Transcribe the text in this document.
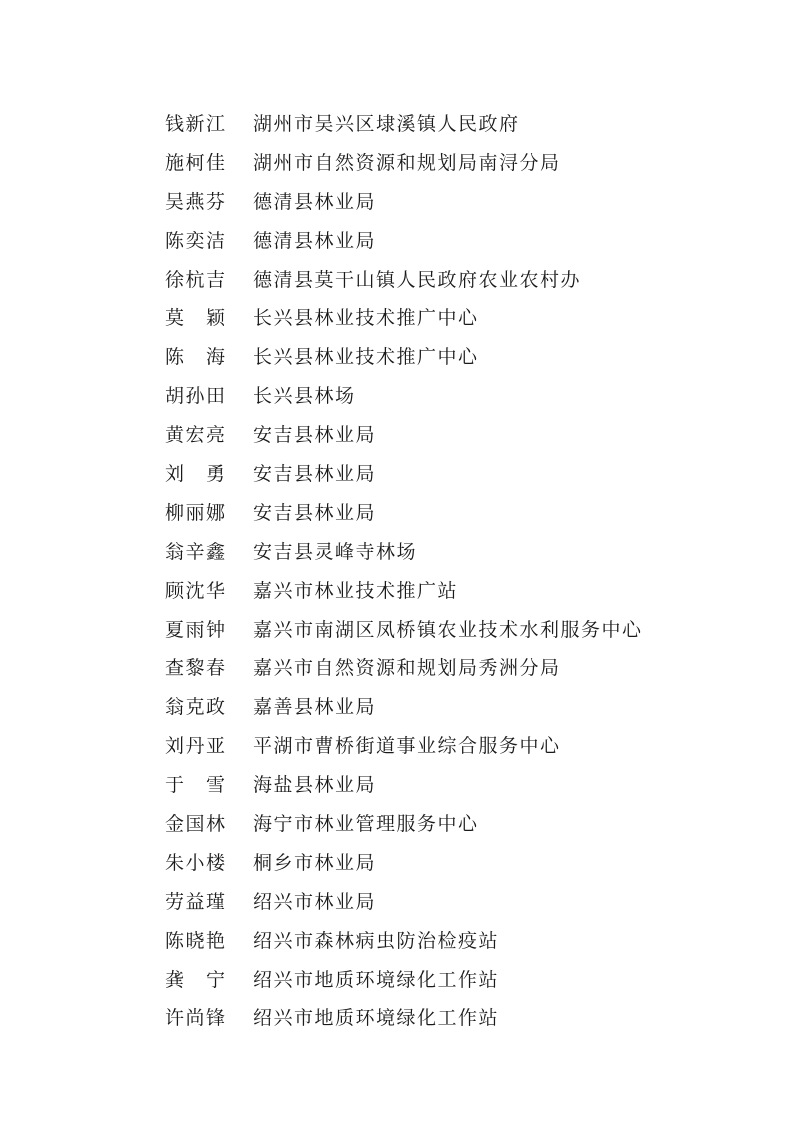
钱新江	湖州市吴兴区埭溪镇人民政府
施柯佳	湖州市自然资源和规划局南浔分局
吴燕芬	德清县林业局
陈奕洁	德清县林业局
徐杭吉	德清县莫干山镇人民政府农业农村办
莫　颖	长兴县林业技术推广中心
陈　海	长兴县林业技术推广中心
胡孙田	长兴县林场
黄宏亮	安吉县林业局
刘　勇	安吉县林业局
柳丽娜	安吉县林业局
翁辛鑫	安吉县灵峰寺林场
顾沈华	嘉兴市林业技术推广站
夏雨钟	嘉兴市南湖区凤桥镇农业技术水利服务中心
查黎春	嘉兴市自然资源和规划局秀洲分局
翁克政	嘉善县林业局
刘丹亚	平湖市曹桥街道事业综合服务中心
于　雪	海盐县林业局
金国林	海宁市林业管理服务中心
朱小楼	桐乡市林业局
劳益瑾	绍兴市林业局
陈晓艳	绍兴市森林病虫防治检疫站
龚　宁	绍兴市地质环境绿化工作站
许尚锋	绍兴市地质环境绿化工作站
